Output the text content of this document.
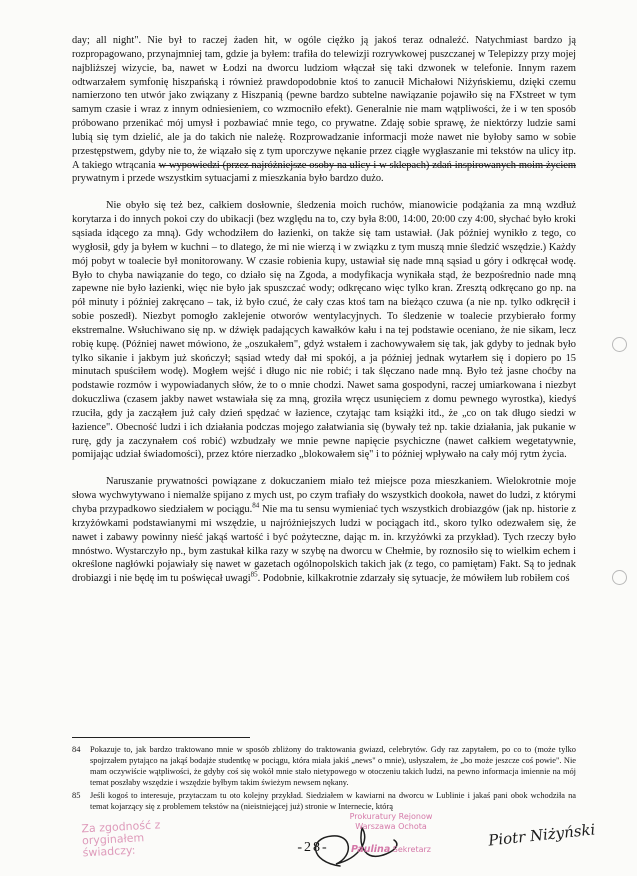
day; all night". Nie był to raczej żaden hit, w ogóle ciężko ją jakoś teraz odnaleźć. Natychmiast bardzo ją rozpropagowano, przynajmniej tam, gdzie ja byłem: trafiła do telewizji rozrywkowej puszczanej w Telepizzy przy mojej najbliższej wizycie, ba, nawet w Łodzi na dworcu ludziom włączał się taki dzwonek w telefonie. Innym razem odtwarzałem symfonię hiszpańską i również prawdopodobnie ktoś to zanucił Michałowi Niżyńskiemu, dzięki czemu namierzono ten utwór jako związany z Hiszpanią (pewne bardzo subtelne nawiązanie pojawiło się na FXstreet w tym samym czasie i wraz z innym odniesieniem, co wzmocniło efekt). Generalnie nie mam wątpliwości, że i w ten sposób próbowano przenikać mój umysł i pozbawiać mnie tego, co prywatne. Zdaję sobie sprawę, że niektórzy ludzie sami lubią się tym dzielić, ale ja do takich nie należę. Rozprowadzanie informacji może nawet nie byłoby samo w sobie przestępstwem, gdyby nie to, że wiązało się z tym uporczywe nękanie przez ciągłe wygłaszanie mi tekstów na ulicy itp. A takiego wtrącania w wypowiedzi (przez najróżniejsze osoby na ulicy i w sklepach) zdań inspirowanych moim życiem prywatnym i przede wszystkim sytuacjami z mieszkania było bardzo dużo.

Nie obyło się też bez, całkiem dosłownie, śledzenia moich ruchów, mianowicie podążania za mną wzdłuż korytarza i do innych pokoi czy do ubikacji (bez względu na to, czy była 8:00, 14:00, 20:00 czy 4:00, słychać było kroki sąsiada idącego za mną). Gdy wchodziłem do łazienki, on także się tam ustawiał. (Jak później wynikło z tego, co wygłosił, gdy ja byłem w kuchni – to dlatego, że mi nie wierzą i w związku z tym muszą mnie śledzić wszędzie.) Każdy mój pobyt w toalecie był monitorowany. W czasie robienia kupy, ustawiał się nade mną sąsiad u góry i odkręcał wodę. Było to chyba nawiązanie do tego, co działo się na Zgoda, a modyfikacja wynikała stąd, że bezpośrednio nade mną zapewne nie było łazienki, więc nie było jak spuszczać wody; odkręcano więc tylko kran. Zresztą odkręcano go np. na pół minuty i później zakręcano – tak, iż było czuć, że cały czas ktoś tam na bieżąco czuwa (a nie np. tylko odkręcił i sobie poszedł). Niezbyt pomogło zaklejenie otworów wentylacyjnych. To śledzenie w toalecie przybierało formy ekstremalne. Wsłuchiwano się np. w dźwięk padających kawałków kału i na tej podstawie oceniano, że nie sikam, lecz robię kupę. (Później nawet mówiono, że „oszukałem", gdyż wstałem i zachowywałem się tak, jak gdyby to jednak było tylko sikanie i jakbym już skończył; sąsiad wtedy dał mi spokój, a ja później jednak wytarłem się i dopiero po 15 minutach spuściłem wodę). Mogłem wejść i długo nic nie robić; i tak ślęczano nade mną. Było też jasne choćby na podstawie rozmów i wypowiadanych słów, że to o mnie chodzi. Nawet sama gospodyni, raczej umiarkowana i niezbyt dokuczliwa (czasem jakby nawet wstawiała się za mną, groziła wręcz usunięciem z domu pewnego wyrostka), kiedyś rzuciła, gdy ja zacząłem już cały dzień spędzać w łazience, czytając tam książki itd., że „co on tak długo siedzi w łazience". Obecność ludzi i ich działania podczas mojego załatwiania się (bywały też np. takie działania, jak pukanie w rurę, gdy ja zaczynałem coś robić) wzbudzały we mnie pewne napięcie psychiczne (nawet całkiem wegetatywnie, pomijając udział świadomości), przez które nierzadko „blokowałem się" i to później wpływało na cały mój rytm życia.

Naruszanie prywatności powiązane z dokuczaniem miało też miejsce poza mieszkaniem. Wielokrotnie moje słowa wychwytywano i niemalże spijano z mych ust, po czym trafiały do wszystkich dookoła, nawet do ludzi, z którymi chyba przypadkowo siedziałem w pociągu.$^{84}$ Nie ma tu sensu wymieniać tych wszystkich drobiazgów (jak np. historie z krzyżówkami podstawianymi mi wszędzie, u najróżniejszych ludzi w pociągach itd., skoro tylko odezwałem się, że nawet i zabawy powinny nieść jakąś wartość i być pożyteczne, dając m. in. krzyżówki za przykład). Tych rzeczy było mnóstwo. Wystarczyło np., bym zastukał kilka razy w szybę na dworcu w Chełmie, by roznosiło się to wielkim echem i określone nagłówki pojawiały się nawet w gazetach ogólnopolskich takich jak (z tego, co pamiętam) Fakt. Są to jednak drobiazgi i nie będę im tu poświęcał uwagi$^{85}$. Podobnie, kilkakrotnie zdarzały się sytuacje, że mówiłem lub robiłem coś

84	Pokazuje to, jak bardzo traktowano mnie w sposób zbliżony do traktowania gwiazd, celebrytów. Gdy raz zapytałem, po co to (może tylko spojrzałem pytająco na jakąś bodajże studentkę w pociągu, która miała jakiś „news" o mnie), usłyszałem, że „bo może jeszcze coś powie". Nie mam oczywiście wątpliwości, że gdyby coś się wokół mnie stało nietypowego w otoczeniu takich ludzi, na pewno informacja imiennie na mój temat poszłaby wszędzie i wszędzie byłbym takim świeżym newsem nękany.
85	Jeśli kogoś to interesuje, przytaczam tu oto kolejny przykład. Siedziałem w kawiarni na dworcu w Lublinie i jakaś pani obok wchodziła na temat kojarzący się z problemem tekstów na (nieistniejącej już) stronie w Internecie, którą
Za zgodność z oryginałem
świadczy:	-28-
Prokuratury Rejonow
Warszawa Ochota
Paulina Sekretarz	Piotr Niżyński
